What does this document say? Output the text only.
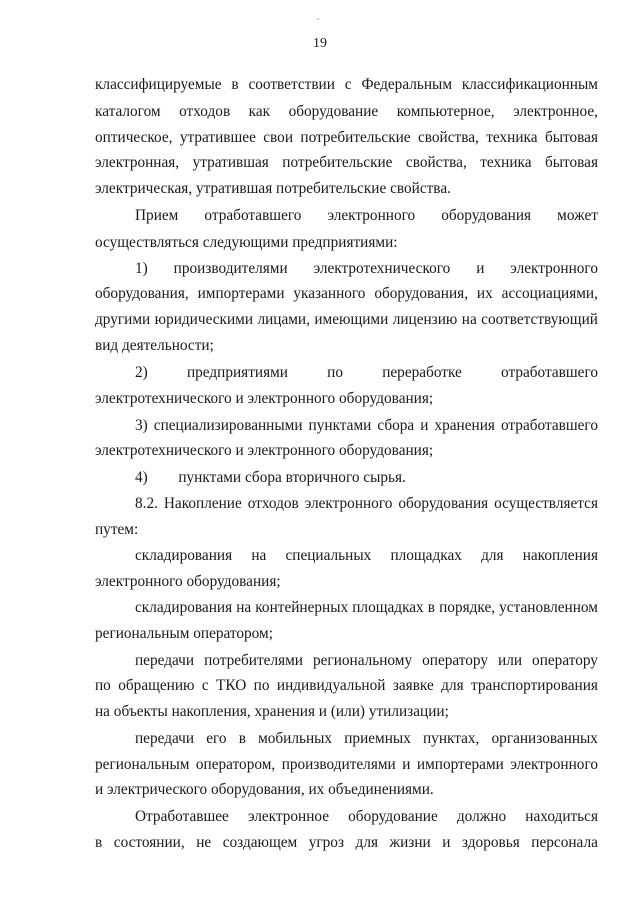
19
классифицируемые в соответствии с Федеральным классификационным
каталогом отходов как оборудование компьютерное, электронное,
оптическое, утратившее свои потребительские свойства, техника бытовая
электронная, утратившая потребительские свойства, техника бытовая
электрическая, утратившая потребительские свойства.
Прием отработавшего электронного оборудования может
осуществляться следующими предприятиями:
1) производителями электротехнического и электронного
оборудования, импортерами указанного оборудования, их ассоциациями,
другими юридическими лицами, имеющими лицензию на соответствующий
вид деятельности;
2)	предприятиями	по	переработке	отработавшего
электротехнического и электронного оборудования;
3) специализированными пунктами сбора и хранения отработавшего
электротехнического и электронного оборудования;
4)        пунктами сбора вторичного сырья.
8.2. Накопление отходов электронного оборудования осуществляется
путем:
складирования на специальных площадках для накопления
электронного оборудования;
складирования на контейнерных площадках в порядке, установленном
региональным оператором;
передачи потребителями региональному оператору или оператору
по обращению с ТКО по индивидуальной заявке для транспортирования
на объекты накопления, хранения и (или) утилизации;
передачи его в мобильных приемных пунктах, организованных
региональным оператором, производителями и импортерами электронного
и электрического оборудования, их объединениями.
Отработавшее электронное оборудование должно находиться
в состоянии, не создающем угроз для жизни и здоровья персонала
